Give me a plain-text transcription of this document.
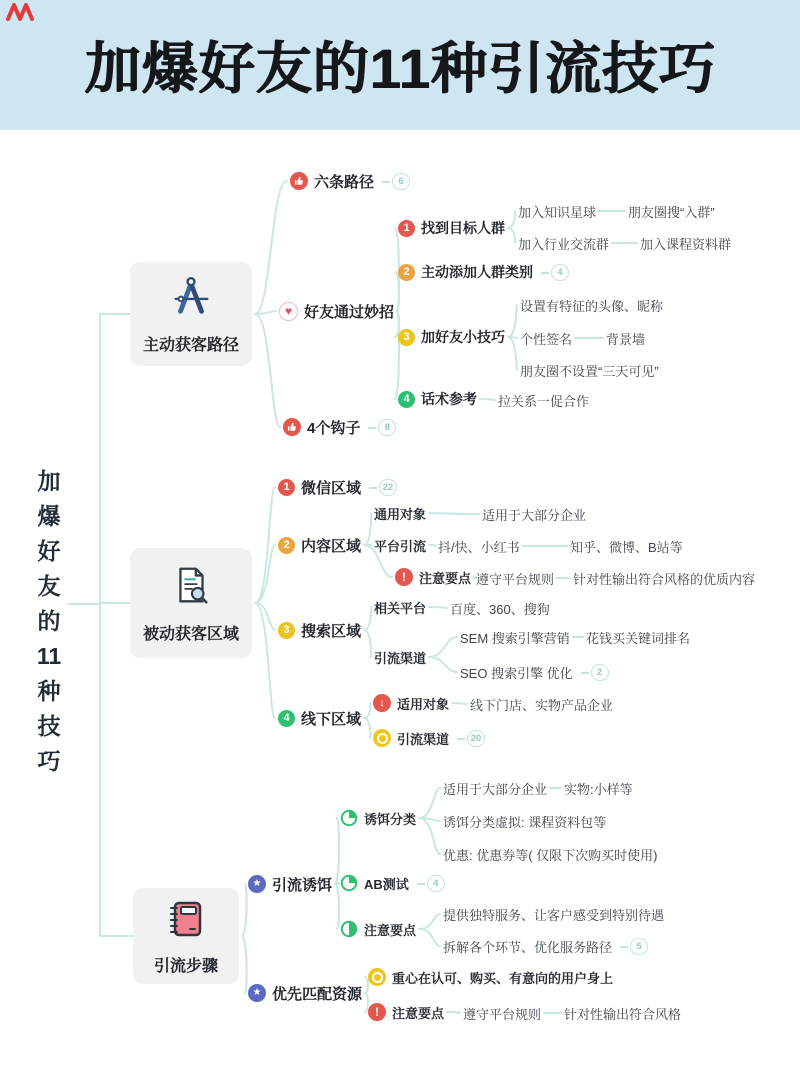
加爆好友的11种引流技巧
加
爆
好
友
的
11
种
技
巧
主动获客路径
被动获客区域
引流步骤
六条路径	6
♥
好友通过妙招
4个钩子	8
1 找到目标人群
加入知识星球 朋友圈搜“入群”
加入行业交流群 加入课程资料群
2 主动添加人群类别	4
3 加好友小技巧
设置有特征的头像、昵称
个性签名	背景墙
朋友圈不设置“三天可见”
4 话术参考 拉关系一促合作
1 微信区域	22
2 内容区域
通用对象	适用于大部分企业
平台引流 抖/快、小红书	知乎、微博、B站等
!
注意要点 遵守平台规则 针对性输出符合风格的优质内容
3 搜索区域
相关平台 百度、360、搜狗
引流渠道
SEM 搜索引擎营销 花钱买关键词排名
SEO 搜索引擎 优化	2
4 线下区域
↓
适用对象 线下门店、实物产品企业
引流渠道	20
★
引流诱饵
诱饵分类
适用于大部分企业 实物:小样等
诱饵分类虚拟: 课程资料包等
优惠: 优惠券等( 仅限下次购买时使用)
AB测试	4
注意要点
提供独特服务、让客户感受到特别待遇
拆解各个环节、优化服务路径	5
★
优先匹配资源
重心在认可、购买、有意向的用户身上
!
注意要点 遵守平台规则 针对性输出符合风格
